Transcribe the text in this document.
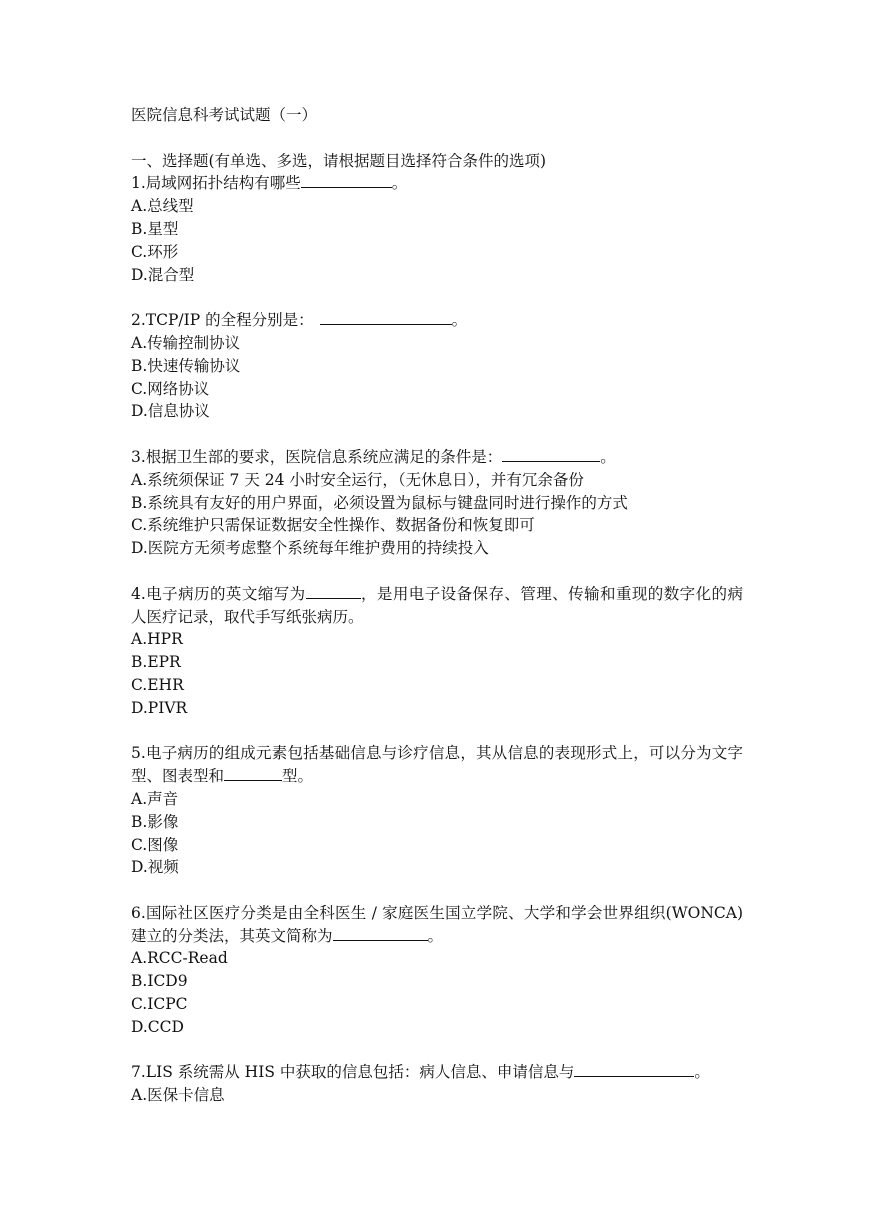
医院信息科考试试题（一）
一、选择题(有单选、多选，请根据题目选择符合条件的选项)
1.局域网拓扑结构有哪些	。
A.总线型
B.星型
C.环形
D.混合型
2.TCP/IP 的全程分别是：	。
A.传输控制协议
B.快速传输协议
C.网络协议
D.信息协议
3.根据卫生部的要求，医院信息系统应满足的条件是：	。
A.系统须保证 7 天 24 小时安全运行，（无休息日），并有冗余备份
B.系统具有友好的用户界面，必须设置为鼠标与键盘同时进行操作的方式
C.系统维护只需保证数据安全性操作、数据备份和恢复即可
D.医院方无须考虑整个系统每年维护费用的持续投入
4.电子病历的英文缩写为	，是用电子设备保存、管理、传输和重现的数字化的病人医疗记录，取代手写纸张病历。
A.HPR
B.EPR
C.EHR
D.PIVR
5.电子病历的组成元素包括基础信息与诊疗信息，其从信息的表现形式上，可以分为文字型、图表型和	型。
A.声音
B.影像
C.图像
D.视频
6.国际社区医疗分类是由全科医生 / 家庭医生国立学院、大学和学会世界组织(WONCA)建立的分类法，其英文简称为	。
A.RCC-Read
B.ICD9
C.ICPC
D.CCD
7.LIS 系统需从 HIS 中获取的信息包括：病人信息、申请信息与	。
A.医保卡信息
